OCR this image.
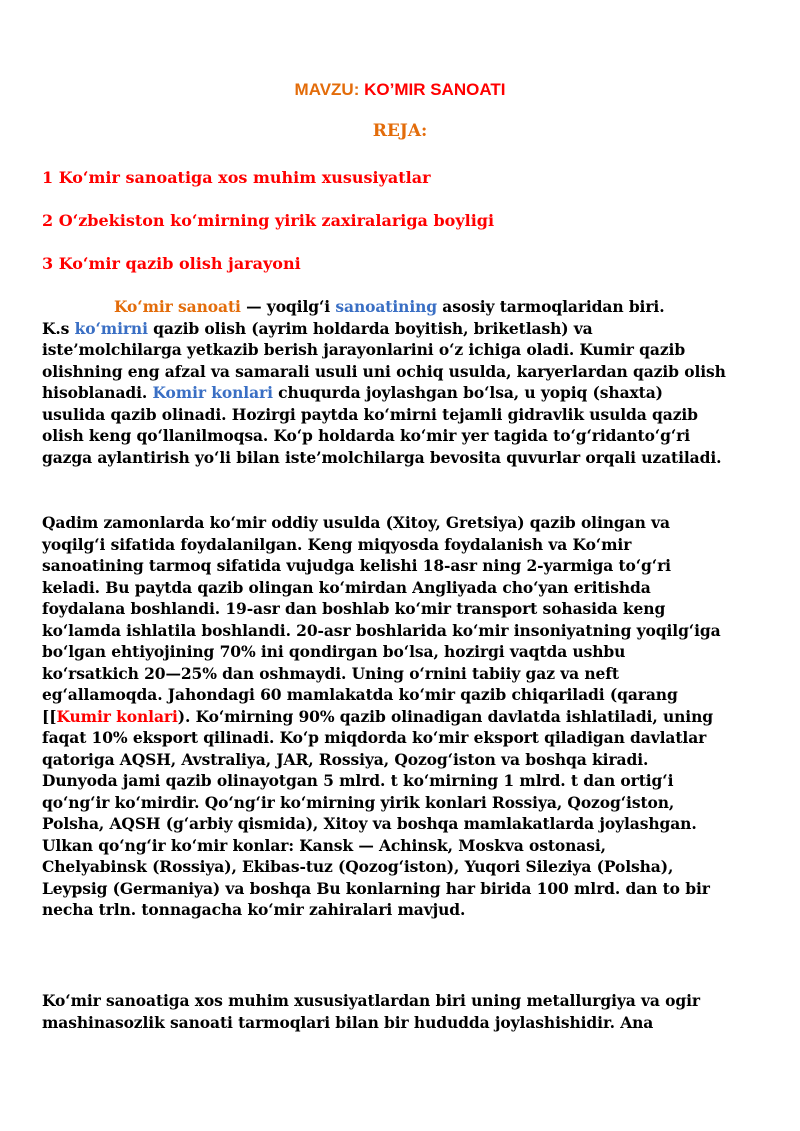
MAVZU: KO’MIR SANOATI

REJA:

1 Ko‘mir sanoatiga xos muhim xususiyatlar

2 O‘zbekiston ko‘mirning yirik zaxiralariga boyligi

3 Ko‘mir qazib olish jarayoni

Ko‘mir sanoati — yoqilg‘i sanoatining asosiy tarmoqlaridan biri.
K.s ko‘mirni qazib olish (ayrim holdarda boyitish, briketlash) va
iste’molchilarga yetkazib berish jarayonlarini o‘z ichiga oladi. Kumir qazib
olishning eng afzal va samarali usuli uni ochiq usulda, karyerlardan qazib olish
hisoblanadi. Komir konlari chuqurda joylashgan bo‘lsa, u yopiq (shaxta)
usulida qazib olinadi. Hozirgi paytda ko‘mirni tejamli gidravlik usulda qazib
olish keng qo‘llanilmoqsa. Ko‘p holdarda ko‘mir yer tagida to‘g‘ridanto‘g‘ri
gazga aylantirish yo‘li bilan iste’molchilarga bevosita quvurlar orqali uzatiladi.
Qadim zamonlarda ko‘mir oddiy usulda (Xitoy, Gretsiya) qazib olingan va
yoqilg‘i sifatida foydalanilgan. Keng miqyosda foydalanish va Ko‘mir
sanoatining tarmoq sifatida vujudga kelishi 18-asr ning 2-yarmiga to‘g‘ri
keladi. Bu paytda qazib olingan ko‘mirdan Angliyada cho‘yan eritishda
foydalana boshlandi. 19-asr dan boshlab ko‘mir transport sohasida keng
ko‘lamda ishlatila boshlandi. 20-asr boshlarida ko‘mir insoniyatning yoqilg‘iga
bo‘lgan ehtiyojining 70% ini qondirgan bo‘lsa, hozirgi vaqtda ushbu
ko‘rsatkich 20—25% dan oshmaydi. Uning o‘rnini tabiiy gaz va neft
eg‘allamoqda. Jahondagi 60 mamlakatda ko‘mir qazib chiqariladi (qarang
[[Kumir konlari). Ko‘mirning 90% qazib olinadigan davlatda ishlatiladi, uning
faqat 10% eksport qilinadi. Ko‘p miqdorda ko‘mir eksport qiladigan davlatlar
qatoriga AQSH, Avstraliya, JAR, Rossiya, Qozog‘iston va boshqa kiradi.
Dunyoda jami qazib olinayotgan 5 mlrd. t ko‘mirning 1 mlrd. t dan ortig‘i
qo‘ng‘ir ko‘mirdir. Qo‘ng‘ir ko‘mirning yirik konlari Rossiya, Qozog‘iston,
Polsha, AQSH (g‘arbiy qismida), Xitoy va boshqa mamlakatlarda joylashgan.
Ulkan qo‘ng‘ir ko‘mir konlar: Kansk — Achinsk, Moskva ostonasi,
Chelyabinsk (Rossiya), Ekibas-tuz (Qozog‘iston), Yuqori Sileziya (Polsha),
Leypsig (Germaniya) va boshqa Bu konlarning har birida 100 mlrd. dan to bir
necha trln. tonnagacha ko‘mir zahiralari mavjud.
Ko‘mir sanoatiga xos muhim xususiyatlardan biri uning metallurgiya va ogir
mashinasozlik sanoati tarmoqlari bilan bir hududda joylashishidir. Ana
